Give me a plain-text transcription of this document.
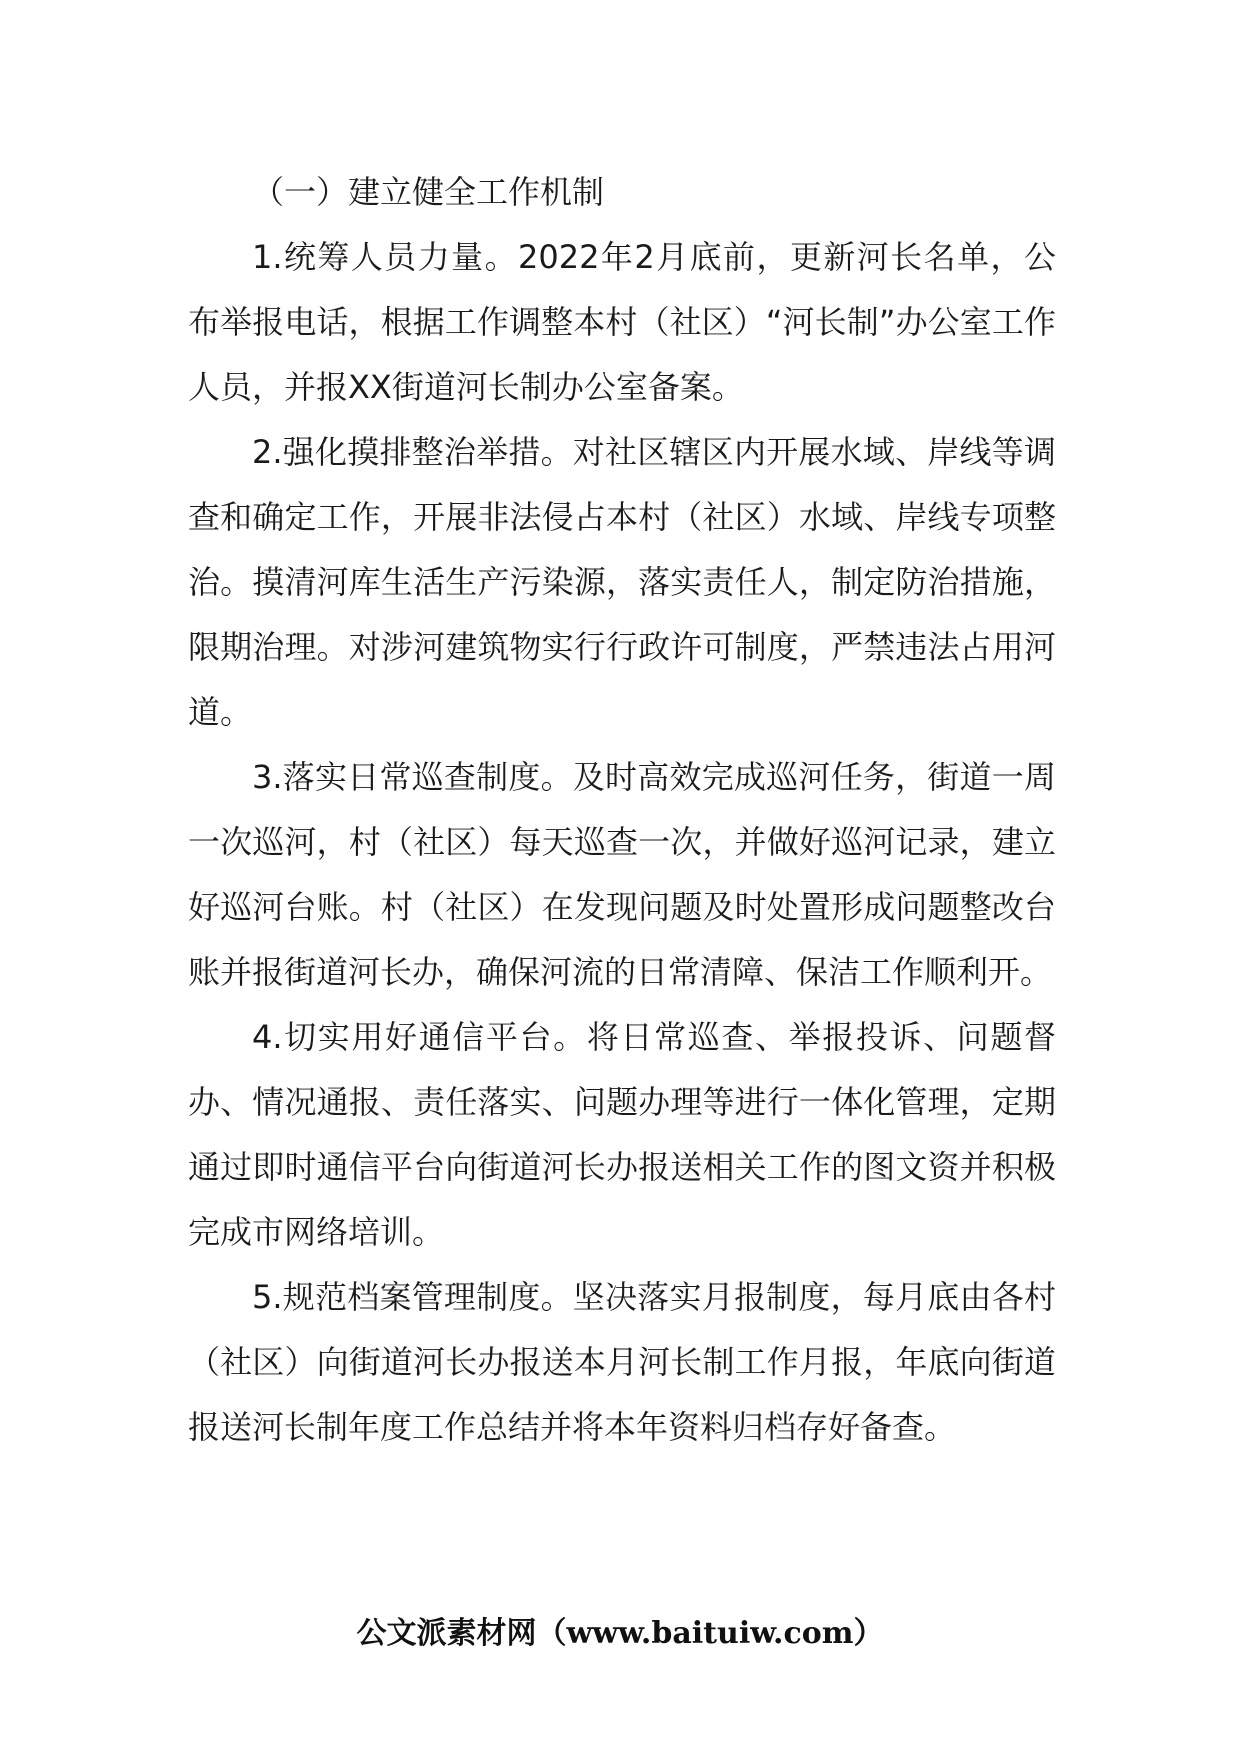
（一）建立健全工作机制

1.统筹人员力量。2022年2月底前，更新河长名单，公布举报电话，根据工作调整本村（社区）“河长制”办公室工作人员，并报XX街道河长制办公室备案。

2.强化摸排整治举措。对社区辖区内开展水域、岸线等调查和确定工作，开展非法侵占本村（社区）水域、岸线专项整治。摸清河库生活生产污染源，落实责任人，制定防治措施，限期治理。对涉河建筑物实行行政许可制度，严禁违法占用河道。

3.落实日常巡查制度。及时高效完成巡河任务，街道一周一次巡河，村（社区）每天巡查一次，并做好巡河记录，建立好巡河台账。村（社区）在发现问题及时处置形成问题整改台账并报街道河长办，确保河流的日常清障、保洁工作顺利开。

4.切实用好通信平台。将日常巡查、举报投诉、问题督办、情况通报、责任落实、问题办理等进行一体化管理，定期通过即时通信平台向街道河长办报送相关工作的图文资并积极完成市网络培训。

5.规范档案管理制度。坚决落实月报制度，每月底由各村（社区）向街道河长办报送本月河长制工作月报，年底向街道报送河长制年度工作总结并将本年资料归档存好备查。

公文派素材网（www.baituiw.com）
